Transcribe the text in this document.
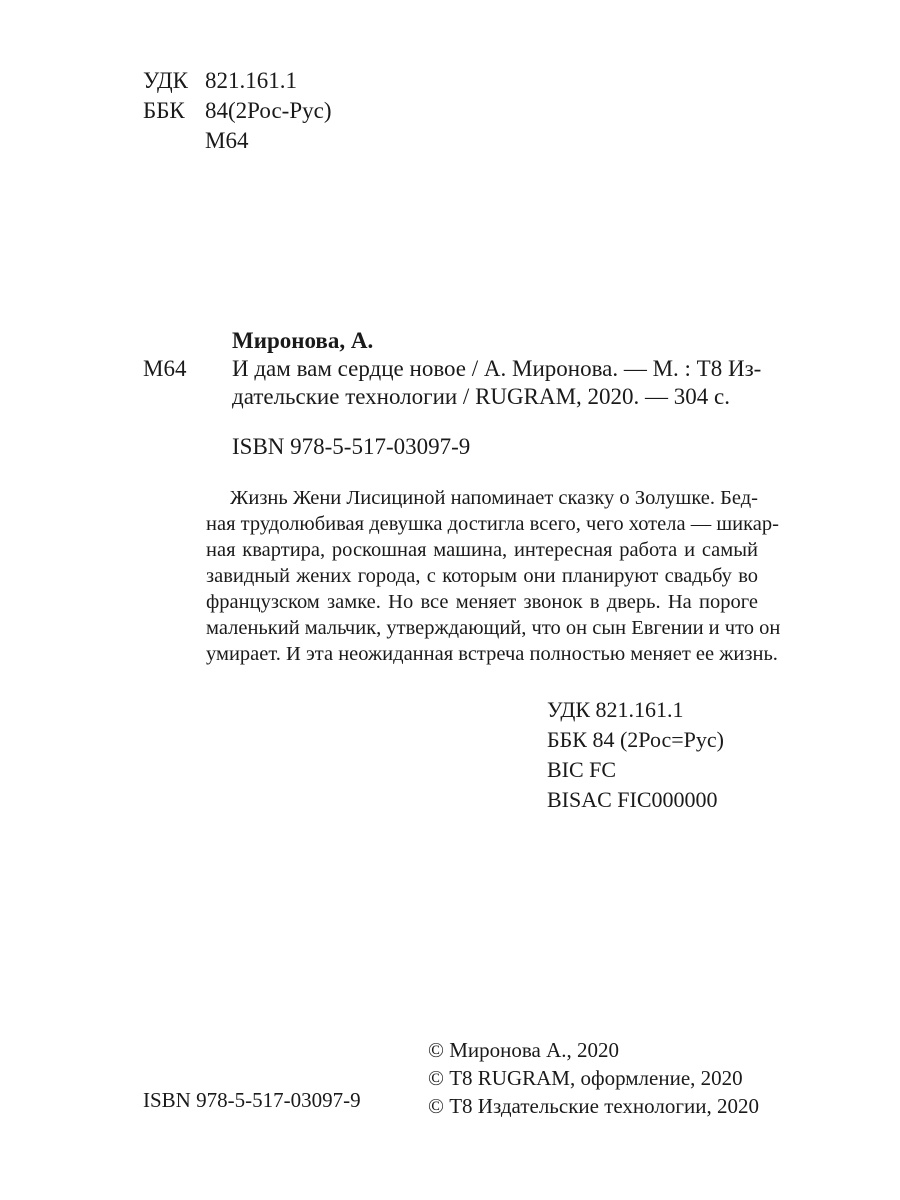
УДК 821.161.1
ББК 84(2Рос-Рус)
М64
Миронова, А.
М64 И дам вам сердце новое / А. Миронова. — М. : Т8 Из-
дательские технологии / RUGRAM, 2020. — 304 с.
ISBN 978-5-517-03097-9
Жизнь Жени Лисициной напоминает сказку о Золушке. Бед-
ная трудолюбивая девушка достигла всего, чего хотела — шикар-
ная квартира, роскошная машина, интересная работа и самый
завидный жених города, с которым они планируют свадьбу во
французском замке. Но все меняет звонок в дверь. На пороге
маленький мальчик, утверждающий, что он сын Евгении и что он
умирает. И эта неожиданная встреча полностью меняет ее жизнь.
УДК 821.161.1
ББК 84 (2Рос=Рус)
BIC FC
BISAC FIC000000
© Миронова А., 2020
© Т8 RUGRAM, оформление, 2020
© Т8 Издательские технологии, 2020
ISBN 978-5-517-03097-9
